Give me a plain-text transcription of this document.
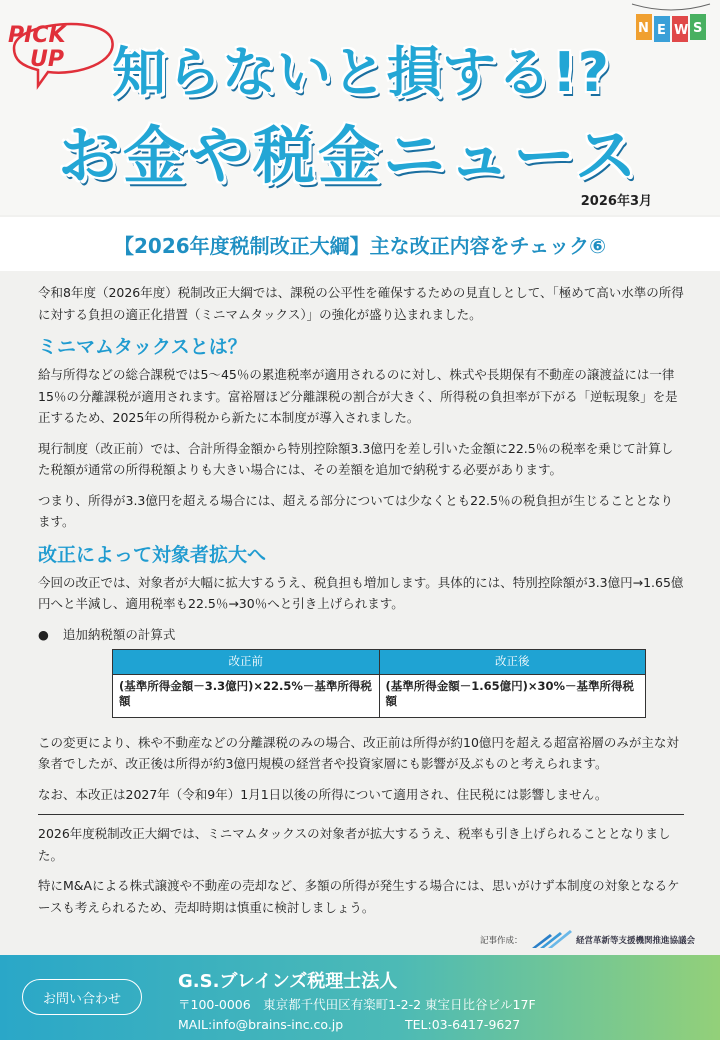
PICK
UP
N E W S
知らないと損する!?
お金や税金ニュース
2026年3月
【2026年度税制改正大綱】主な改正内容をチェック⑥

令和8年度（2026年度）税制改正大綱では、課税の公平性を確保するための見直しとして、「極めて高い水準の所得に対する負担の適正化措置（ミニマムタックス）」の強化が盛り込まれました。

ミニマムタックスとは？

給与所得などの総合課税では5～45％の累進税率が適用されるのに対し、株式や長期保有不動産の譲渡益には一律15％の分離課税が適用されます。富裕層ほど分離課税の割合が大きく、所得税の負担率が下がる「逆転現象」を是正するため、2025年の所得税から新たに本制度が導入されました。

現行制度（改正前）では、合計所得金額から特別控除額3.3億円を差し引いた金額に22.5％の税率を乗じて計算した税額が通常の所得税額よりも大きい場合には、その差額を追加で納税する必要があります。

つまり、所得が3.3億円を超える場合には、超える部分については少なくとも22.5％の税負担が生じることとなります。

改正によって対象者拡大へ

今回の改正では、対象者が大幅に拡大するうえ、税負担も増加します。具体的には、特別控除額が3.3億円→1.65億円へと半減し、適用税率も22.5％→30％へと引き上げられます。

● 追加納税額の計算式
改正前	改正後
(基準所得金額－3.3億円)×22.5%－基準所得税額	(基準所得金額－1.65億円)×30%－基準所得税額

この変更により、株や不動産などの分離課税のみの場合、改正前は所得が約10億円を超える超富裕層のみが主な対象者でしたが、改正後は所得が約3億円規模の経営者や投資家層にも影響が及ぶものと考えられます。

なお、本改正は2027年（令和9年）1月1日以後の所得について適用され、住民税には影響しません。

2026年度税制改正大綱では、ミニマムタックスの対象者が拡大するうえ、税率も引き上げられることとなりました。

特にM&Aによる株式譲渡や不動産の売却など、多額の所得が発生する場合には、思いがけず本制度の対象となるケースも考えられるため、売却時期は慎重に検討しましょう。

記事作成：	経営革新等支援機関推進協議会
お問い合わせ
G.S.ブレインズ税理士法人
〒100-0006　東京都千代田区有楽町1-2-2 東宝日比谷ビル17F
MAIL:info@brains-inc.co.jp	TEL:03-6417-9627
